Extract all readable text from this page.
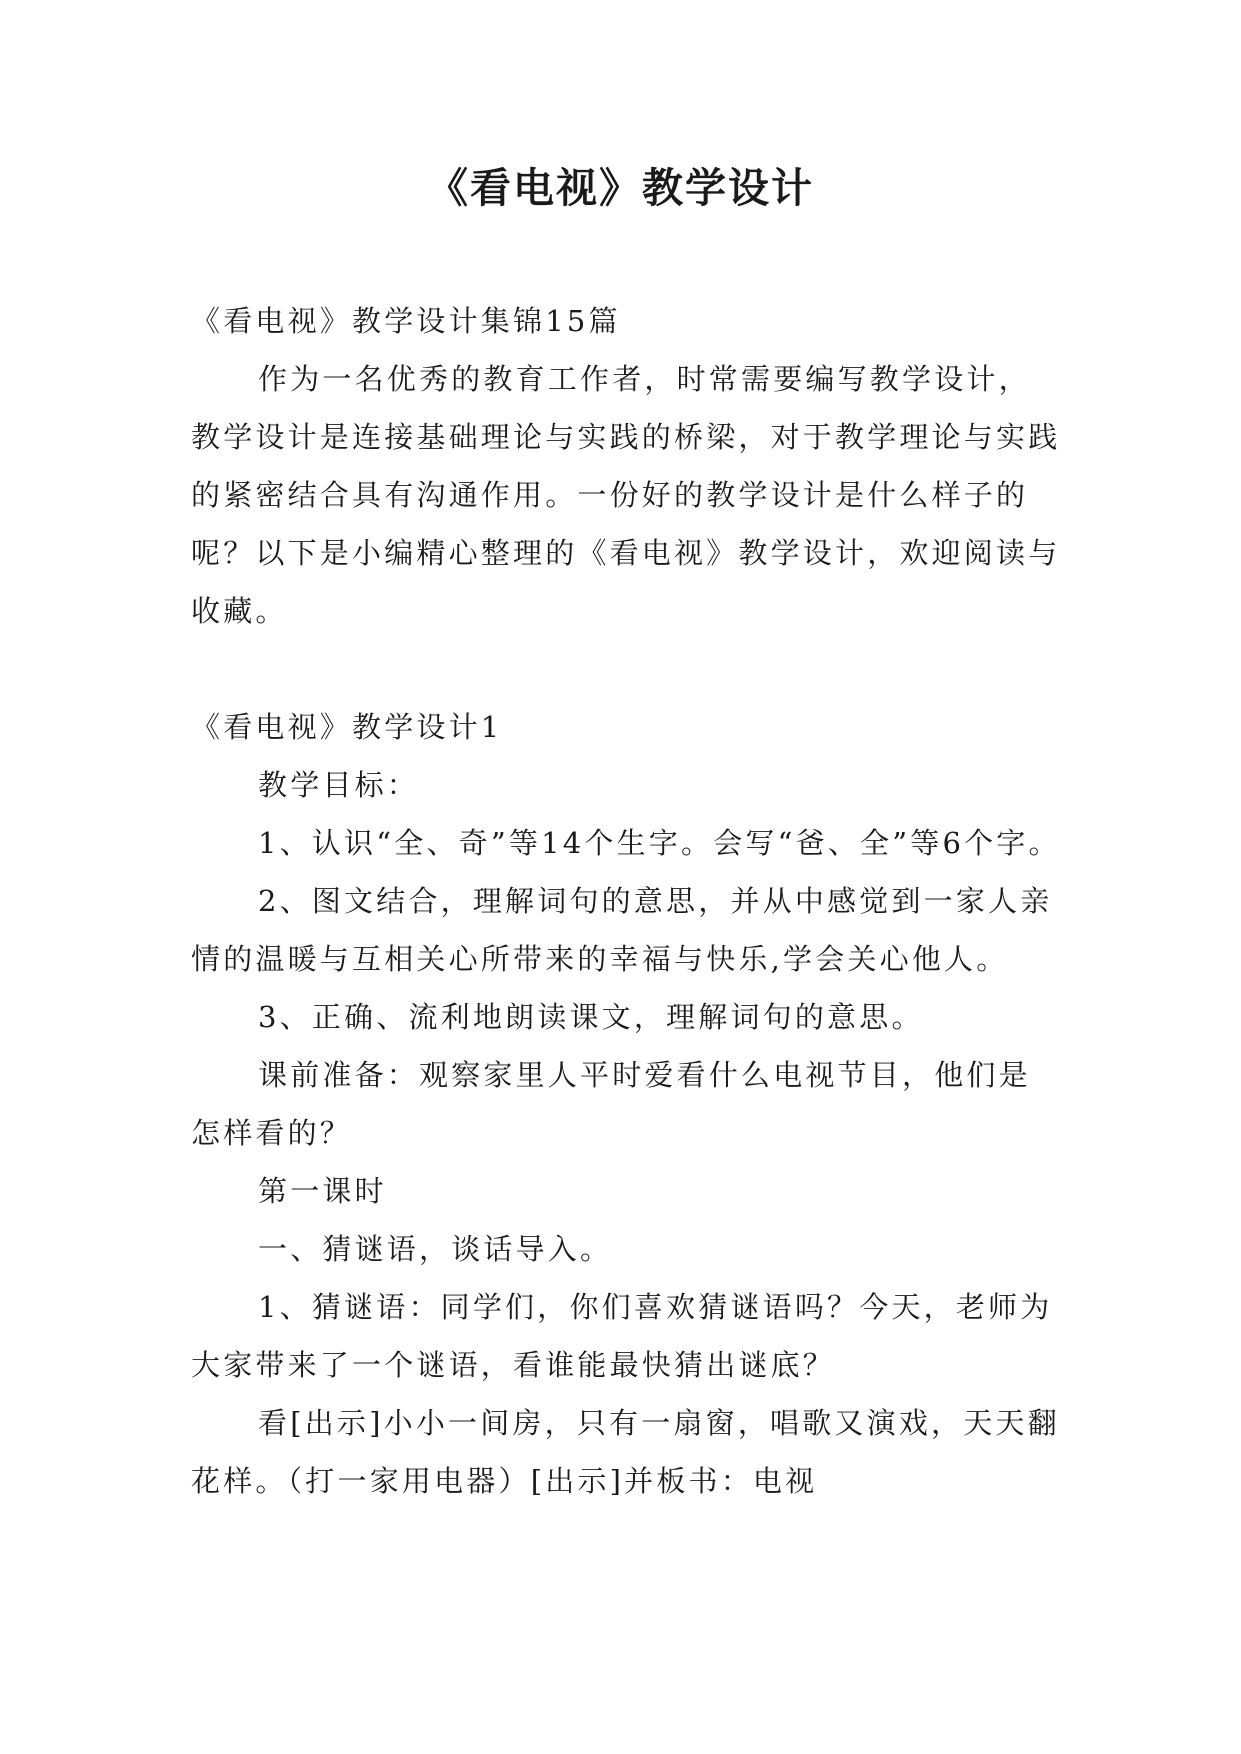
《看电视》教学设计

《看电视》教学设计集锦15篇

作为一名优秀的教育工作者，时常需要编写教学设计，教学设计是连接基础理论与实践的桥梁，对于教学理论与实践的紧密结合具有沟通作用。一份好的教学设计是什么样子的呢？以下是小编精心整理的《看电视》教学设计，欢迎阅读与收藏。

《看电视》教学设计1

教学目标：

1、认识“全、奇”等14个生字。会写“爸、全”等6个字。

2、图文结合，理解词句的意思，并从中感觉到一家人亲情的温暖与互相关心所带来的幸福与快乐,学会关心他人。

3、正确、流利地朗读课文，理解词句的意思。

课前准备：观察家里人平时爱看什么电视节目，他们是怎样看的？

第一课时

一、猜谜语，谈话导入。

1、猜谜语：同学们，你们喜欢猜谜语吗？今天，老师为大家带来了一个谜语，看谁能最快猜出谜底？

看[出示]小小一间房，只有一扇窗，唱歌又演戏，天天翻花样。（打一家用电器）[出示]并板书：电视
